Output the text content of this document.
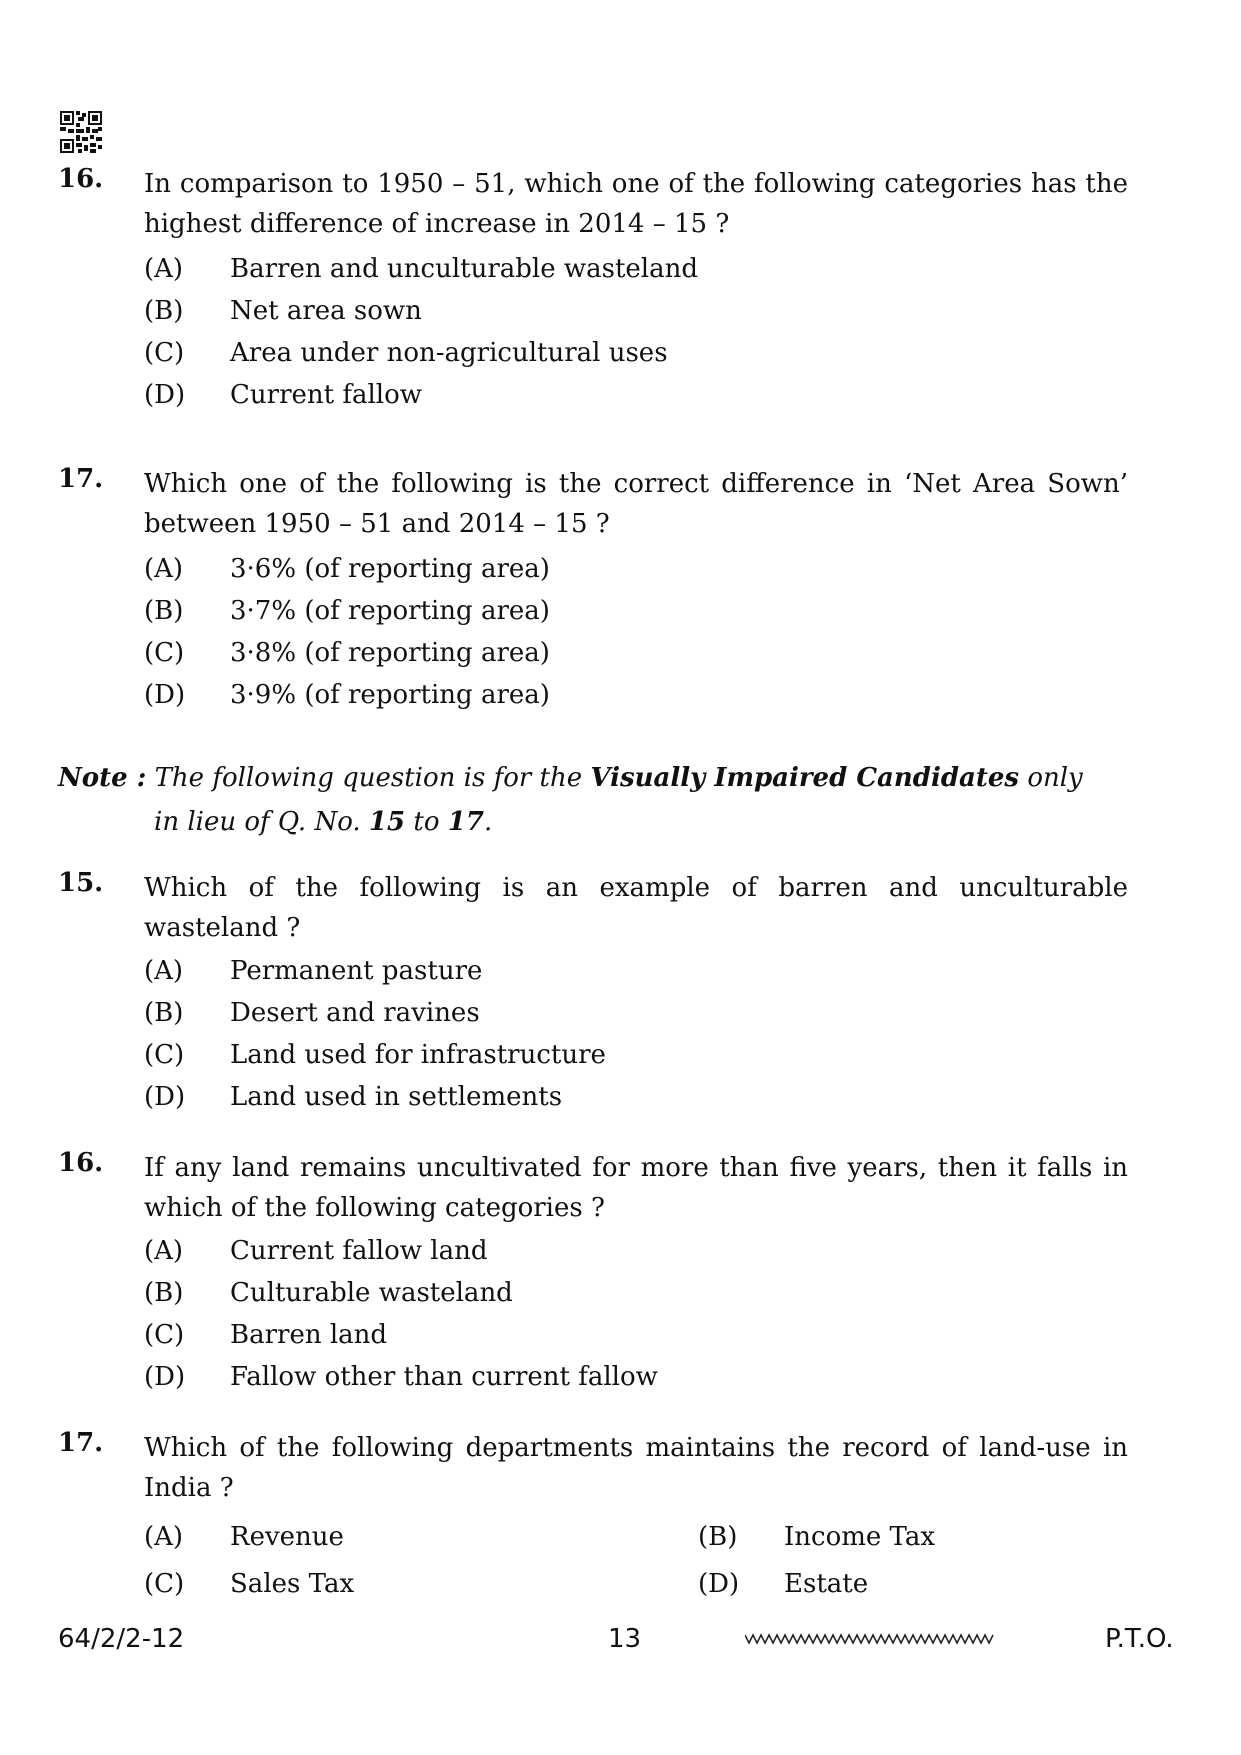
16. In comparison to 1950 – 51, which one of the following categories has the highest difference of increase in 2014 – 15 ?
(A) Barren and unculturable wasteland
(B) Net area sown
(C) Area under non-agricultural uses
(D) Current fallow
17. Which one of the following is the correct difference in ‘Net Area Sown’ between 1950 – 51 and 2014 – 15 ?
(A) 3·6% (of reporting area)
(B) 3·7% (of reporting area)
(C) 3·8% (of reporting area)
(D) 3·9% (of reporting area)
Note : The following question is for the Visually Impaired Candidates only
in lieu of Q. No. 15 to 17.
15. Which of the following is an example of barren and unculturable wasteland ?
(A) Permanent pasture
(B) Desert and ravines
(C) Land used for infrastructure
(D) Land used in settlements
16. If any land remains uncultivated for more than five years, then it falls in which of the following categories ?
(A) Current fallow land
(B) Culturable wasteland
(C) Barren land
(D) Fallow other than current fallow
17. Which of the following departments maintains the record of land-use in India ?
(A) Revenue	(B) Income Tax
(C) Sales Tax	(D) Estate
64/2/2-12	13	P.T.O.
